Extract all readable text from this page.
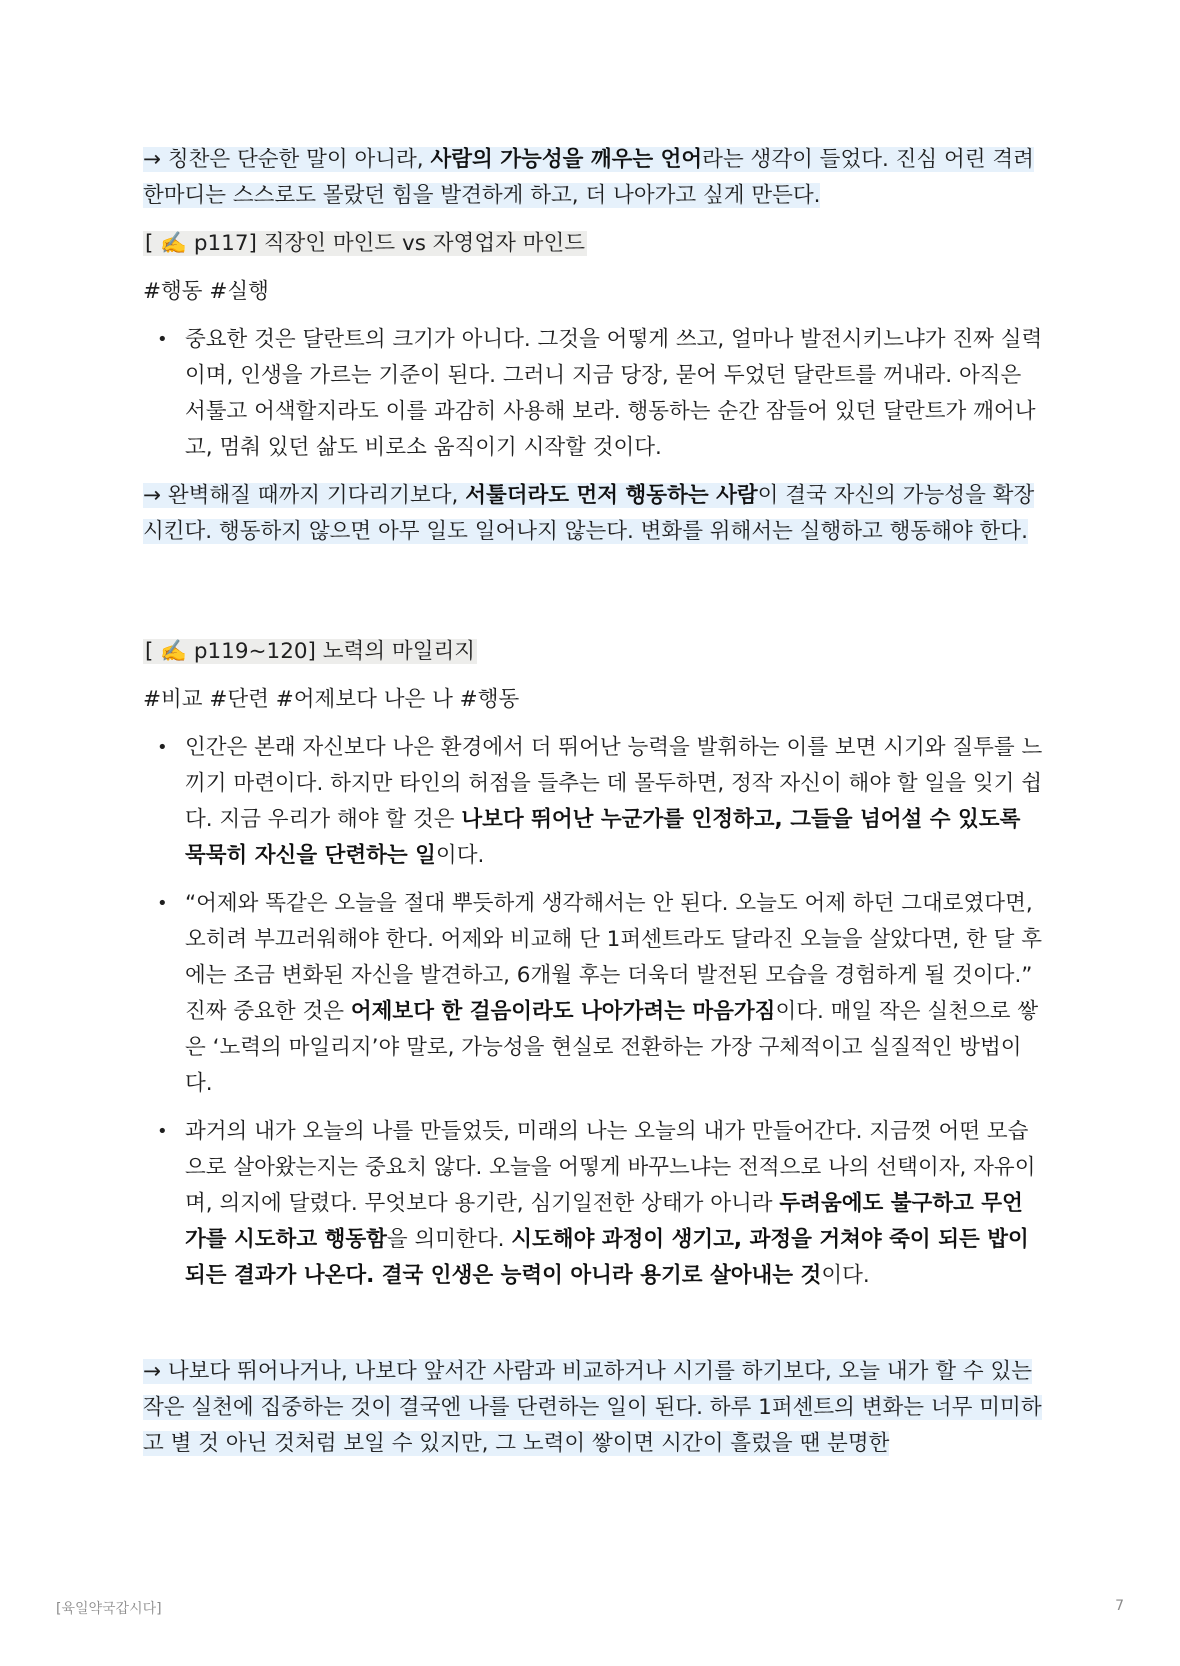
→ 칭찬은 단순한 말이 아니라, 사람의 가능성을 깨우는 언어라는 생각이 들었다. 진심 어린 격려 한마디는 스스로도 몰랐던 힘을 발견하게 하고, 더 나아가고 싶게 만든다.

[ ✍️ p117] 직장인 마인드 vs 자영업자 마인드

#행동 #실행

• 중요한 것은 달란트의 크기가 아니다. 그것을 어떻게 쓰고, 얼마나 발전시키느냐가 진짜 실력이며, 인생을 가르는 기준이 된다. 그러니 지금 당장, 묻어 두었던 달란트를 꺼내라. 아직은 서툴고 어색할지라도 이를 과감히 사용해 보라. 행동하는 순간 잠들어 있던 달란트가 깨어나고, 멈춰 있던 삶도 비로소 움직이기 시작할 것이다.

→ 완벽해질 때까지 기다리기보다, 서툴더라도 먼저 행동하는 사람이 결국 자신의 가능성을 확장시킨다. 행동하지 않으면 아무 일도 일어나지 않는다. 변화를 위해서는 실행하고 행동해야 한다.

[ ✍️ p119~120] 노력의 마일리지

#비교 #단련 #어제보다 나은 나 #행동

• 인간은 본래 자신보다 나은 환경에서 더 뛰어난 능력을 발휘하는 이를 보면 시기와 질투를 느끼기 마련이다. 하지만 타인의 허점을 들추는 데 몰두하면, 정작 자신이 해야 할 일을 잊기 쉽다. 지금 우리가 해야 할 것은 나보다 뛰어난 누군가를 인정하고, 그들을 넘어설 수 있도록 묵묵히 자신을 단련하는 일이다.
• “어제와 똑같은 오늘을 절대 뿌듯하게 생각해서는 안 된다. 오늘도 어제 하던 그대로였다면, 오히려 부끄러워해야 한다. 어제와 비교해 단 1퍼센트라도 달라진 오늘을 살았다면, 한 달 후에는 조금 변화된 자신을 발견하고, 6개월 후는 더욱더 발전된 모습을 경험하게 될 것이다.” 진짜 중요한 것은 어제보다 한 걸음이라도 나아가려는 마음가짐이다. 매일 작은 실천으로 쌓은 ‘노력의 마일리지’야 말로, 가능성을 현실로 전환하는 가장 구체적이고 실질적인 방법이다.
• 과거의 내가 오늘의 나를 만들었듯, 미래의 나는 오늘의 내가 만들어간다. 지금껏 어떤 모습으로 살아왔는지는 중요치 않다. 오늘을 어떻게 바꾸느냐는 전적으로 나의 선택이자, 자유이며, 의지에 달렸다. 무엇보다 용기란, 심기일전한 상태가 아니라 두려움에도 불구하고 무언가를 시도하고 행동함을 의미한다. 시도해야 과정이 생기고, 과정을 거쳐야 죽이 되든 밥이 되든 결과가 나온다. 결국 인생은 능력이 아니라 용기로 살아내는 것이다.

→ 나보다 뛰어나거나, 나보다 앞서간 사람과 비교하거나 시기를 하기보다, 오늘 내가 할 수 있는 작은 실천에 집중하는 것이 결국엔 나를 단련하는 일이 된다. 하루 1퍼센트의 변화는 너무 미미하고 별 것 아닌 것처럼 보일 수 있지만, 그 노력이 쌓이면 시간이 흘렀을 땐 분명한

[육일약국갑시다]	7
